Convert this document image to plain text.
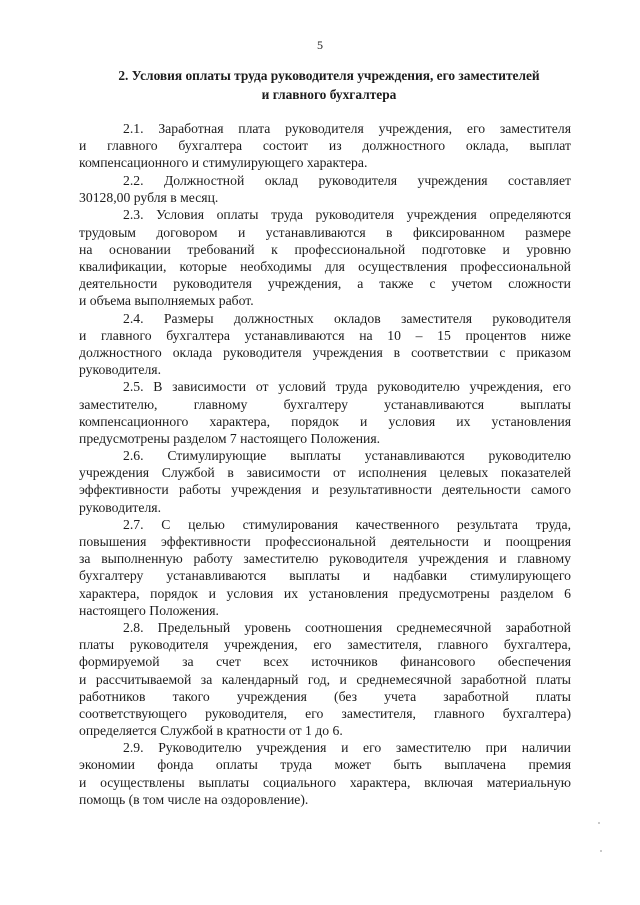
5
2. Условия оплаты труда руководителя учреждения, его заместителей
и главного бухгалтера
2.1. Заработная плата руководителя учреждения, его заместителя
и главного бухгалтера состоит из должностного оклада, выплат
компенсационного и стимулирующего характера.
2.2. Должностной оклад руководителя учреждения составляет
30128,00 рубля в месяц.
2.3. Условия оплаты труда руководителя учреждения определяются
трудовым договором и устанавливаются в фиксированном размере
на основании требований к профессиональной подготовке и уровню
квалификации, которые необходимы для осуществления профессиональной
деятельности руководителя учреждения, а также с учетом сложности
и объема выполняемых работ.
2.4. Размеры должностных окладов заместителя руководителя
и главного бухгалтера устанавливаются на 10 – 15 процентов ниже
должностного оклада руководителя учреждения в соответствии с приказом
руководителя.
2.5. В зависимости от условий труда руководителю учреждения, его
заместителю, главному бухгалтеру устанавливаются выплаты
компенсационного характера, порядок и условия их установления
предусмотрены разделом 7 настоящего Положения.
2.6. Стимулирующие выплаты устанавливаются руководителю
учреждения Службой в зависимости от исполнения целевых показателей
эффективности работы учреждения и результативности деятельности самого
руководителя.
2.7. С целью стимулирования качественного результата труда,
повышения эффективности профессиональной деятельности и поощрения
за выполненную работу заместителю руководителя учреждения и главному
бухгалтеру устанавливаются выплаты и надбавки стимулирующего
характера, порядок и условия их установления предусмотрены разделом 6
настоящего Положения.
2.8. Предельный уровень соотношения среднемесячной заработной
платы руководителя учреждения, его заместителя, главного бухгалтера,
формируемой за счет всех источников финансового обеспечения
и рассчитываемой за календарный год, и среднемесячной заработной платы
работников такого учреждения (без учета заработной платы
соответствующего руководителя, его заместителя, главного бухгалтера)
определяется Службой в кратности от 1 до 6.
2.9. Руководителю учреждения и его заместителю при наличии
экономии фонда оплаты труда может быть выплачена премия
и осуществлены выплаты социального характера, включая материальную
помощь (в том числе на оздоровление).
